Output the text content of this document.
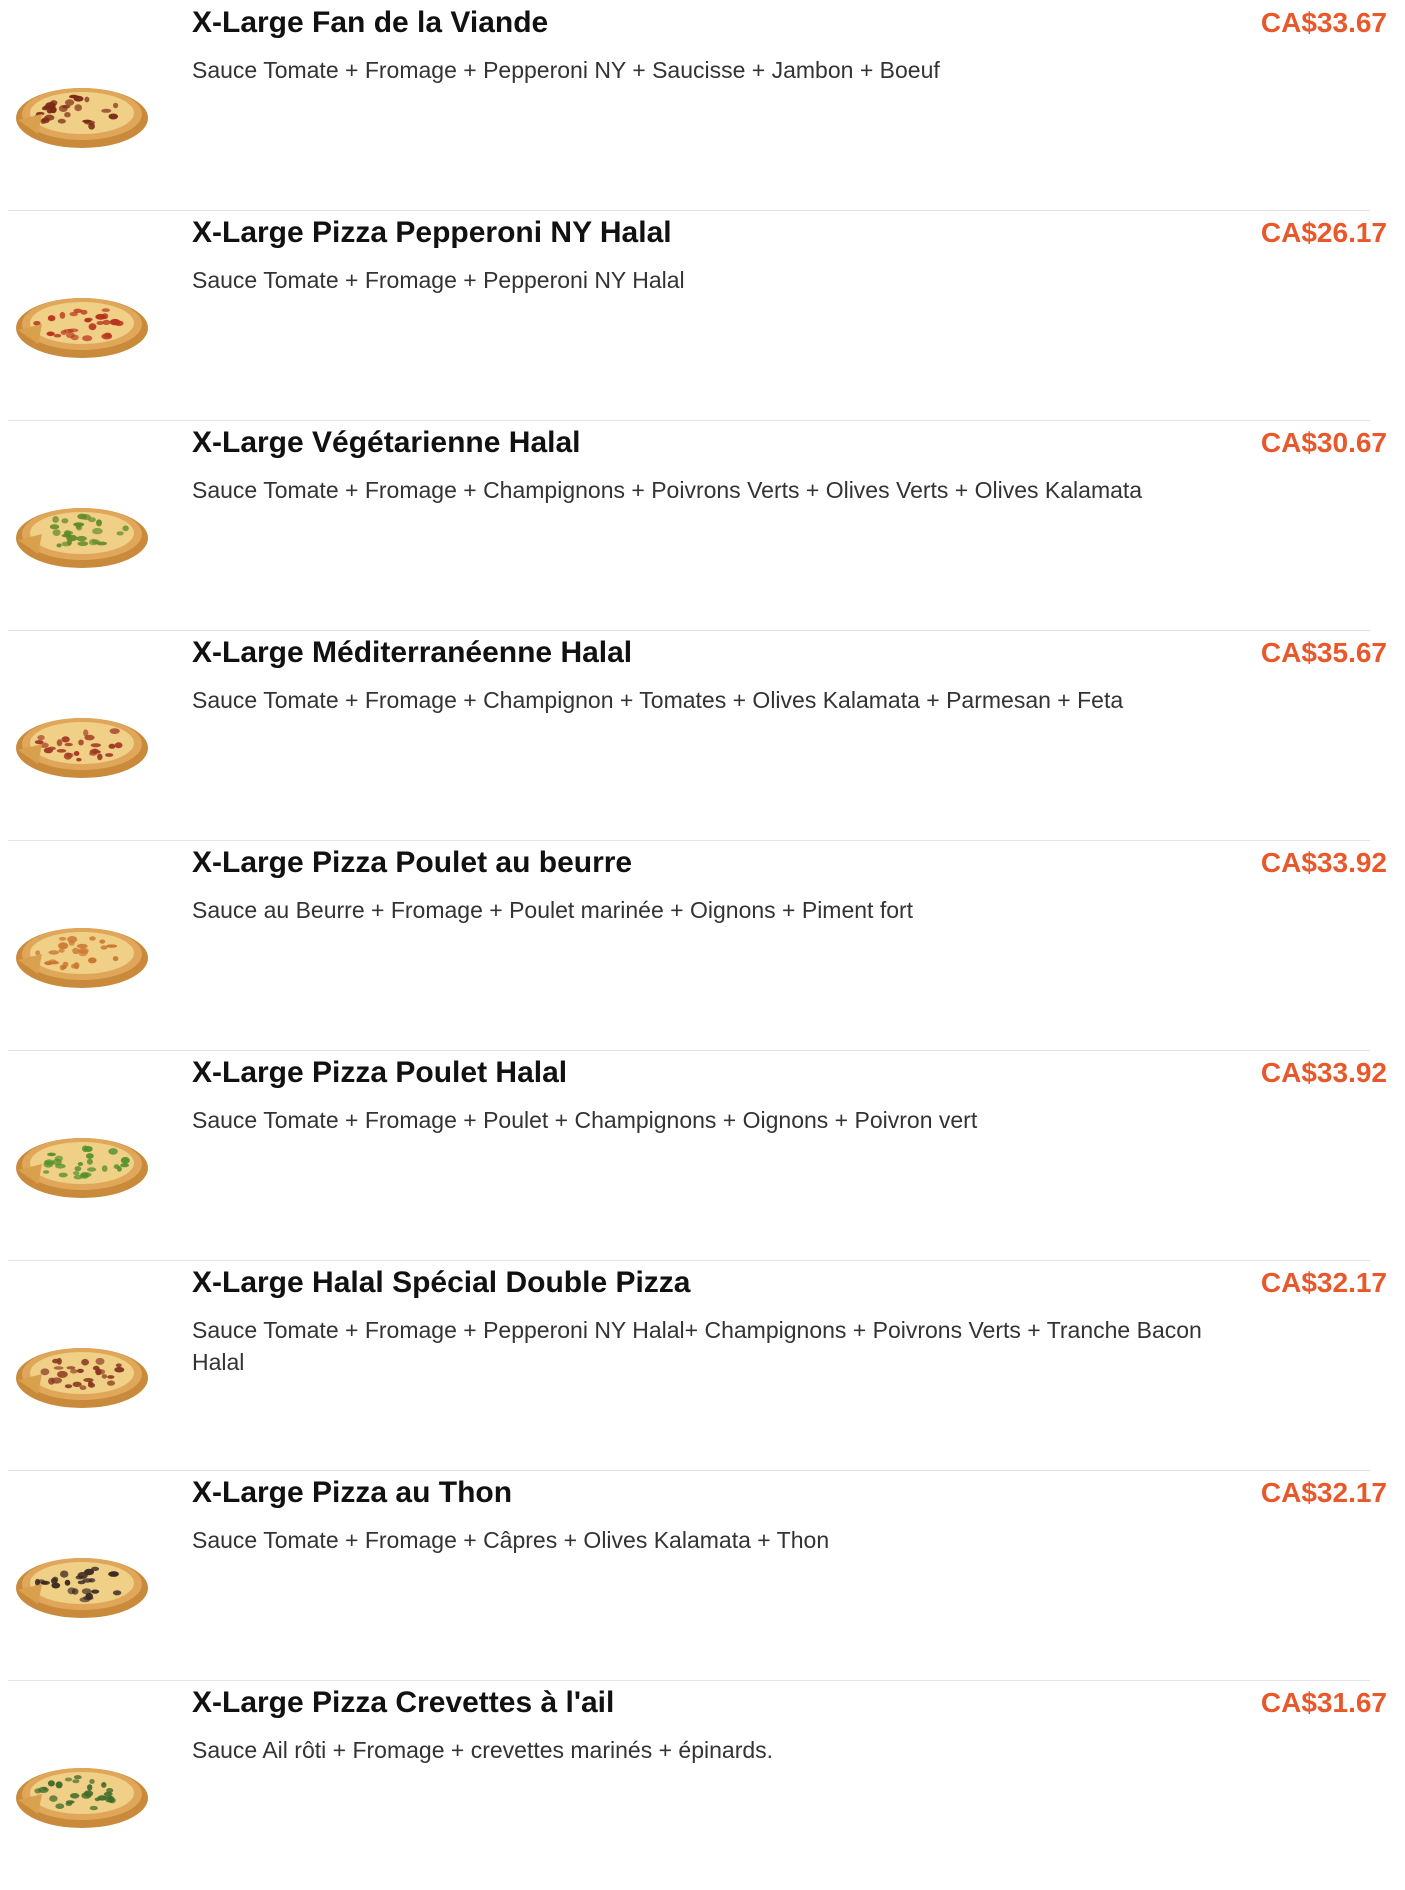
X-Large Fan de la Viande
Sauce Tomate + Fromage + Pepperoni NY + Saucisse + Jambon + Boeuf
CA$33.67
X-Large Pizza Pepperoni NY Halal
Sauce Tomate + Fromage + Pepperoni NY Halal
CA$26.17
X-Large Végétarienne Halal
Sauce Tomate + Fromage + Champignons + Poivrons Verts + Olives Verts + Olives Kalamata
CA$30.67
X-Large Méditerranéenne Halal
Sauce Tomate + Fromage + Champignon + Tomates + Olives Kalamata + Parmesan + Feta
CA$35.67
X-Large Pizza Poulet au beurre
Sauce au Beurre + Fromage + Poulet marinée + Oignons + Piment fort
CA$33.92
X-Large Pizza Poulet Halal
Sauce Tomate + Fromage + Poulet + Champignons + Oignons + Poivron vert
CA$33.92
X-Large Halal Spécial Double Pizza
Sauce Tomate + Fromage + Pepperoni NY Halal+ Champignons + Poivrons Verts + Tranche Bacon Halal
CA$32.17
X-Large Pizza au Thon
Sauce Tomate + Fromage + Câpres + Olives Kalamata + Thon
CA$32.17
X-Large Pizza Crevettes à l'ail
Sauce Ail rôti + Fromage + crevettes marinés + épinards.
CA$31.67
